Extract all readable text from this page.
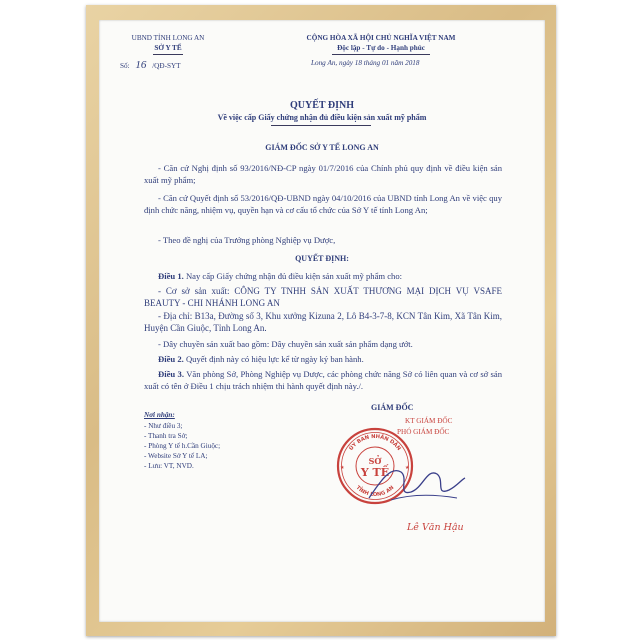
UBND TỈNH LONG AN
SỞ Y TẾ
Số: 16 /QĐ-SYT
CỘNG HÒA XÃ HỘI CHỦ NGHĨA VIỆT NAM
Độc lập - Tự do - Hạnh phúc
Long An, ngày 18 tháng 01 năm 2018
QUYẾT ĐỊNH
Về việc cấp Giấy chứng nhận đủ điều kiện sản xuất mỹ phẩm
GIÁM ĐỐC SỞ Y TẾ LONG AN
- Căn cứ Nghị định số 93/2016/NĐ-CP ngày 01/7/2016 của Chính phủ quy định về điều kiện sản xuất mỹ phẩm;
- Căn cứ Quyết định số 53/2016/QĐ-UBND ngày 04/10/2016 của UBND tỉnh Long An về việc quy định chức năng, nhiệm vụ, quyền hạn và cơ cấu tổ chức của Sở Y tế tỉnh Long An;
- Theo đề nghị của Trưởng phòng Nghiệp vụ Dược,
QUYẾT ĐỊNH:
Điều 1. Nay cấp Giấy chứng nhận đủ điều kiện sản xuất mỹ phẩm cho:
- Cơ sở sản xuất: CÔNG TY TNHH SẢN XUẤT THƯƠNG MẠI DỊCH VỤ VSAFE BEAUTY - CHI NHÁNH LONG AN
- Địa chỉ: B13a, Đường số 3, Khu xưởng Kizuna 2, Lô B4-3-7-8, KCN Tân Kim, Xã Tân Kim, Huyện Cần Giuộc, Tỉnh Long An.
- Dây chuyền sản xuất bao gồm: Dây chuyền sản xuất sản phẩm dạng ướt.
Điều 2. Quyết định này có hiệu lực kể từ ngày ký ban hành.
Điều 3. Văn phòng Sở, Phòng Nghiệp vụ Dược, các phòng chức năng Sở có liên quan và cơ sở sản xuất có tên ở Điều 1 chịu trách nhiệm thi hành quyết định này./.
Nơi nhận:
- Như điều 3;
- Thanh tra Sở;
- Phòng Y tế h.Cần Giuộc;
- Website Sở Y tế LA;
- Lưu: VT, NVD.
GIÁM ĐỐC
KT GIÁM ĐỐC
PHÓ GIÁM ĐỐC
ỦY BAN NHÂN DÂN
TỈNH LONG AN
SỞ
Y TẾ
★	★
Lê Văn Hậu
